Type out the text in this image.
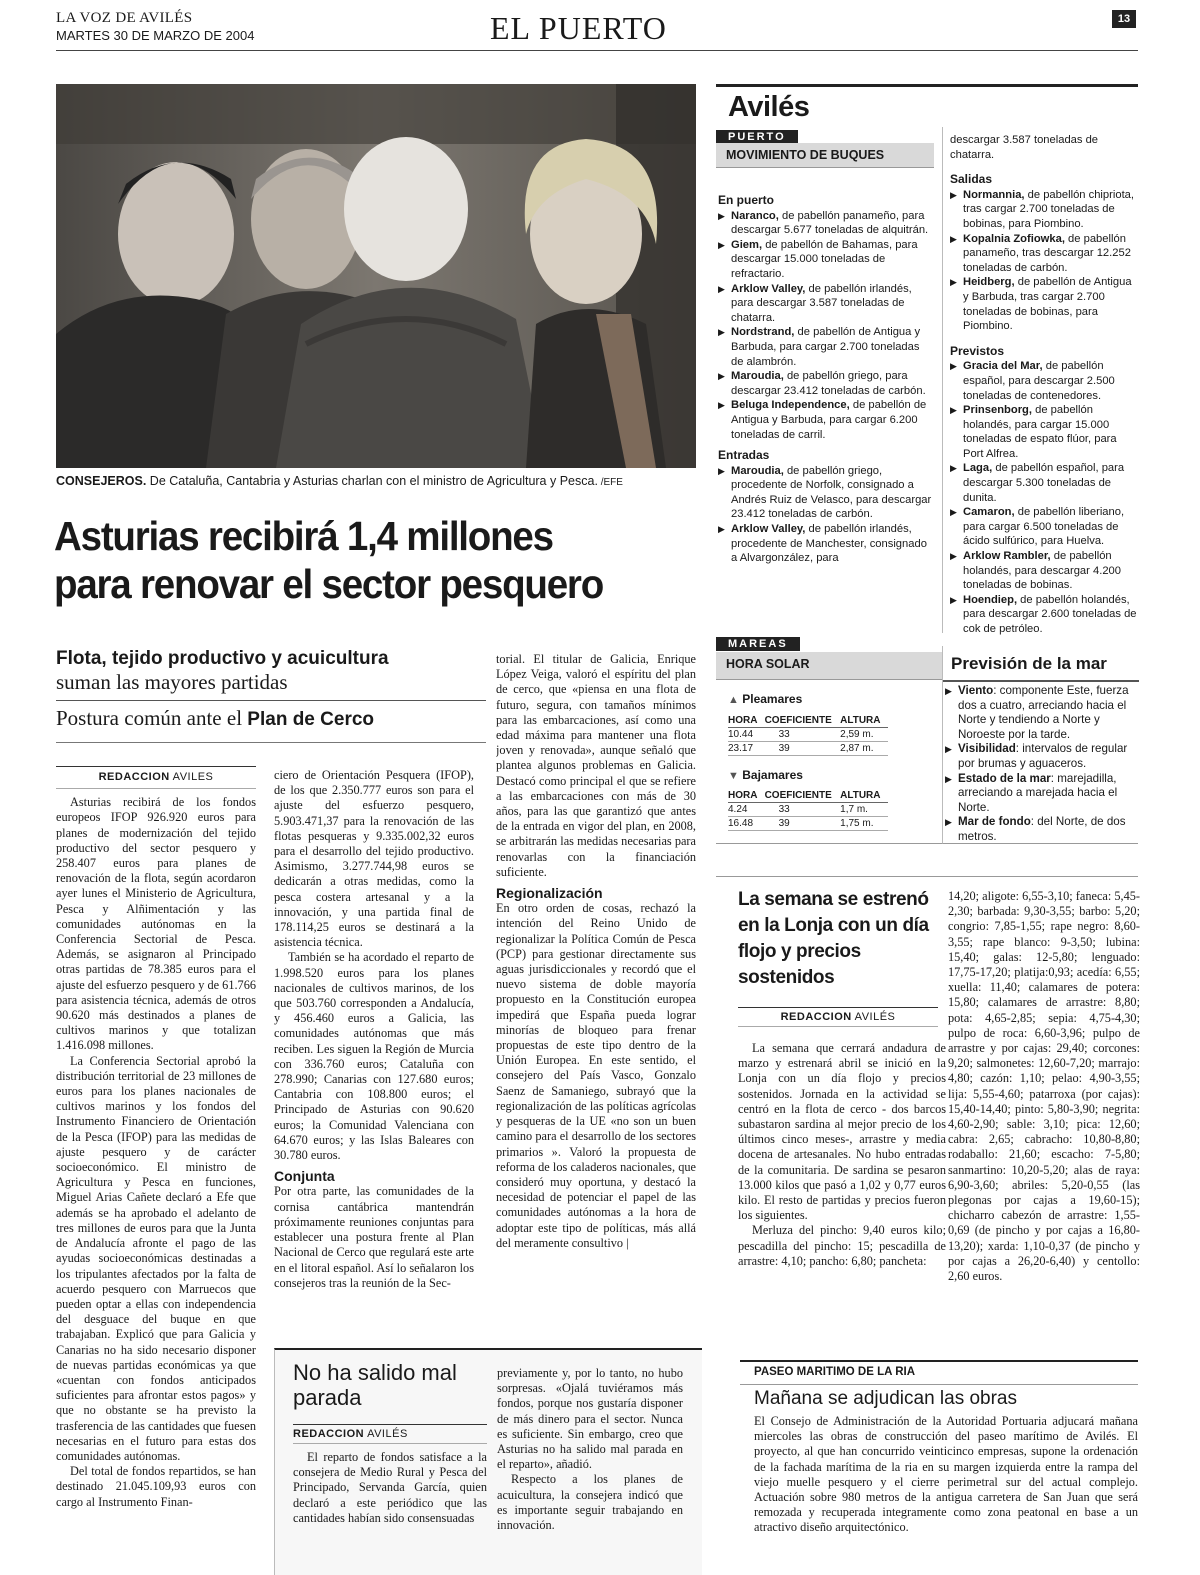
LA VOZ DE AVILÉS
MARTES 30 DE MARZO DE 2004	EL PUERTO	13
CONSEJEROS. De Cataluña, Cantabria y Asturias charlan con el ministro de Agricultura y Pesca. /EFE
Asturias recibirá 1,4 millones
para renovar el sector pesquero
Flota, tejido productivo y acuicultura
suman las mayores partidas
Postura común ante el Plan de Cerco
REDACCION AVILES

Asturias recibirá de los fondos europeos IFOP 926.920 euros para planes de modernización del tejido productivo del sector pesquero y 258.407 euros para planes de renovación de la flota, según acordaron ayer lunes el Ministerio de Agricultura, Pesca y Alñimentación y las comunidades autónomas en la Conferencia Sectorial de Pesca. Además, se asignaron al Principado otras partidas de 78.385 euros para el ajuste del esfuerzo pesquero y de 61.766 para asistencia técnica, además de otros 90.620 más destinados a planes de cultivos marinos y que totalizan 1.416.098 millones.

La Conferencia Sectorial aprobó la distribución territorial de 23 millones de euros para los planes nacionales de cultivos marinos y los fondos del Instrumento Financiero de Orientación de la Pesca (IFOP) para las medidas de ajuste pesquero y de carácter socioeconómico. El ministro de Agricultura y Pesca en funciones, Miguel Arias Cañete declaró a Efe que además se ha aprobado el adelanto de tres millones de euros para que la Junta de Andalucía afronte el pago de las ayudas socioeconómicas destinadas a los tripulantes afectados por la falta de acuerdo pesquero con Marruecos que pueden optar a ellas con independencia del desguace del buque en que trabajaban. Explicó que para Galicia y Canarias no ha sido necesario disponer de nuevas partidas económicas ya que «cuentan con fondos anticipados suficientes para afrontar estos pagos» y que no obstante se ha previsto la trasferencia de las cantidades que fuesen necesarias en el futuro para estas dos comunidades autónomas.

Del total de fondos repartidos, se han destinado 21.045.109,93 euros con cargo al Instrumento Finan-

ciero de Orientación Pesquera (IFOP), de los que 2.350.777 euros son para el ajuste del esfuerzo pesquero, 5.903.471,37 para la renovación de las flotas pesqueras y 9.335.002,32 euros para el desarrollo del tejido productivo. Asimismo, 3.277.744,98 euros se dedicarán a otras medidas, como la pesca costera artesanal y a la innovación, y una partida final de 178.114,25 euros se destinará a la asistencia técnica.

También se ha acordado el reparto de 1.998.520 euros para los planes nacionales de cultivos marinos, de los que 503.760 corresponden a Andalucía, y 456.460 euros a Galicia, las comunidades autónomas que más reciben. Les siguen la Región de Murcia con 336.760 euros; Cataluña con 278.990; Canarias con 127.680 euros; Cantabria con 108.800 euros; el Principado de Asturias con 90.620 euros; la Comunidad Valenciana con 64.670 euros; y las Islas Baleares con 30.780 euros.

Conjunta

Por otra parte, las comunidades de la cornisa cantábrica mantendrán próximamente reuniones conjuntas para establecer una postura frente al Plan Nacional de Cerco que regulará este arte en el litoral español. Así lo señalaron los consejeros tras la reunión de la Sec-

torial. El titular de Galicia, Enrique López Veiga, valoró el espíritu del plan de cerco, que «piensa en una flota de futuro, segura, con tamaños mínimos para las embarcaciones, así como una edad máxima para mantener una flota joven y renovada», aunque señaló que plantea algunos problemas en Galicia. Destacó como principal el que se refiere a las embarcaciones con más de 30 años, para las que garantizó que antes de la entrada en vigor del plan, en 2008, se arbitrarán las medidas necesarias para renovarlas con la financiación suficiente.

Regionalización

En otro orden de cosas, rechazó la intención del Reino Unido de regionalizar la Política Común de Pesca (PCP) para gestionar directamente sus aguas jurisdiccionales y recordó que el nuevo sistema de doble mayoría propuesto en la Constitución europea impedirá que España pueda lograr minorías de bloqueo para frenar propuestas de este tipo dentro de la Unión Europea. En este sentido, el consejero del País Vasco, Gonzalo Saenz de Samaniego, subrayó que la regionalización de las políticas agrícolas y pesqueras de la UE «no son un buen camino para el desarrollo de los sectores primarios ». Valoró la propuesta de reforma de los caladeros nacionales, que consideró muy oportuna, y destacó la necesidad de potenciar el papel de las comunidades autónomas a la hora de adoptar este tipo de políticas, más allá del meramente consultivo |

No ha salido mal parada
REDACCION AVILÉS

El reparto de fondos satisface a la consejera de Medio Rural y Pesca del Principado, Servanda García, quien declaró a este periódico que las cantidades habían sido consensuadas

previamente y, por lo tanto, no hubo sorpresas. «Ojalá tuviéramos más fondos, porque nos gustaría disponer de más dinero para el sector. Nunca es suficiente. Sin embargo, creo que Asturias no ha salido mal parada en el reparto», añadió.

Respecto a los planes de acuicultura, la consejera indicó que es importante seguir trabajando en innovación.

Avilés
PUERTO
MOVIMIENTO DE BUQUES
En puerto
▶ Naranco, de pabellón panameño, para descargar 5.677 toneladas de alquitrán.
▶ Giem, de pabellón de Bahamas, para descargar 15.000 toneladas de refractario.
▶ Arklow Valley, de pabellón irlandés, para descargar 3.587 toneladas de chatarra.
▶ Nordstrand, de pabellón de Antigua y Barbuda, para cargar 2.700 toneladas de alambrón.
▶ Maroudia, de pabellón griego, para descargar 23.412 toneladas de carbón.
▶ Beluga Independence, de pabellón de Antigua y Barbuda, para cargar 6.200 toneladas de carril.
Entradas
▶ Maroudia, de pabellón griego, procedente de Norfolk, consignado a Andrés Ruiz de Velasco, para descargar 23.412 toneladas de carbón.
▶ Arklow Valley, de pabellón irlandés, procedente de Manchester, consignado a Alvargonzález, para
descargar 3.587 toneladas de chatarra.
Salidas
▶ Normannia, de pabellón chipriota, tras cargar 2.700 toneladas de bobinas, para Piombino.
▶ Kopalnia Zofiowka, de pabellón panameño, tras descargar 12.252 toneladas de carbón.
▶ Heidberg, de pabellón de Antigua y Barbuda, tras cargar 2.700 toneladas de bobinas, para Piombino.
Previstos
▶ Gracia del Mar, de pabellón español, para descargar 2.500 toneladas de contenedores.
▶ Prinsenborg, de pabellón holandés, para cargar 15.000 toneladas de espato flúor, para Port Alfrea.
▶ Laga, de pabellón español, para descargar 5.300 toneladas de dunita.
▶ Camaron, de pabellón liberiano, para cargar 6.500 toneladas de ácido sulfúrico, para Huelva.
▶ Arklow Rambler, de pabellón holandés, para descargar 4.200 toneladas de bobinas.
▶ Hoendiep, de pabellón holandés, para descargar 2.600 toneladas de cok de petróleo.
MAREAS
HORA SOLAR
▲ Pleamares
HORA	COEFICIENTE	ALTURA
10.44	33	2,59 m.
23.17	39	2,87 m.
▼ Bajamares
HORA	COEFICIENTE	ALTURA
4.24	33	1,7 m.
16.48	39	1,75 m.
Previsión de la mar
▶ Viento: componente Este, fuerza dos a cuatro, arreciando hacia el Norte y tendiendo a Norte y Noroeste por la tarde.
▶ Visibilidad: intervalos de regular por brumas y aguaceros.
▶ Estado de la mar: marejadilla, arreciando a marejada hacia el Norte.
▶ Mar de fondo: del Norte, de dos metros.
La semana se estrenó en la Lonja con un día flojo y precios sostenidos
REDACCION AVILÉS

La semana que cerrará andadura de marzo y estrenará abril se inició en la Lonja con un día flojo y precios sostenidos. Jornada en la actividad se centró en la flota de cerco - dos barcos subastaron sardina al mejor precio de los últimos cinco meses-, arrastre y media docena de artesanales. No hubo entradas de la comunitaria. De sardina se pesaron 13.000 kilos que pasó a 1,02 y 0,77 euros kilo. El resto de partidas y precios fueron los siguientes.

Merluza del pincho: 9,40 euros kilo; pescadilla del pincho: 15; pescadilla de arrastre: 4,10; pancho: 6,80; pancheta:

14,20; aligote: 6,55-3,10; faneca: 5,45-2,30; barbada: 9,30-3,55; barbo: 5,20; congrio: 7,85-1,55; rape negro: 8,60-3,55; rape blanco: 9-3,50; lubina: 15,40; galas: 12-5,80; lenguado: 17,75-17,20; platija:0,93; acedía: 6,55; xuella: 11,40; calamares de potera: 15,80; calamares de arrastre: 8,80; pota: 4,65-2,85; sepia: 4,75-4,30; pulpo de roca: 6,60-3,96; pulpo de arrastre y por cajas: 29,40; corcones: 9,20; salmonetes: 12,60-7,20; marrajo: 4,80; cazón: 1,10; pelao: 4,90-3,55; lija: 5,55-4,60; patarroxa (por cajas): 15,40-14,40; pinto: 5,80-3,90; negrita: 4,60-2,90; sable: 3,10; pica: 12,60; cabra: 2,65; cabracho: 10,80-8,80; rodaballo: 21,60; escacho: 7-5,80; sanmartino: 10,20-5,20; alas de raya: 6,90-3,60; abriles: 5,20-0,55 (las plegonas por cajas a 19,60-15); chicharro cabezón de arrastre: 1,55-0,69 (de pincho y por cajas a 16,80-13,20); xarda: 1,10-0,37 (de pincho y por cajas a 26,20-6,40) y centollo: 2,60 euros.

PASEO MARITIMO DE LA RIA
Mañana se adjudican las obras
El Consejo de Administración de la Autoridad Portuaria adjucará mañana miercoles las obras de construcción del paseo marítimo de Avilés. El proyecto, al que han concurrido veinticinco empresas, supone la ordenación de la fachada marítima de la ria en su margen izquierda entre la rampa del viejo muelle pesquero y el cierre perimetral sur del actual complejo. Actuación sobre 980 metros de la antigua carretera de San Juan que será remozada y recuperada integramente como zona peatonal en base a un atractivo diseño arquitectónico.
